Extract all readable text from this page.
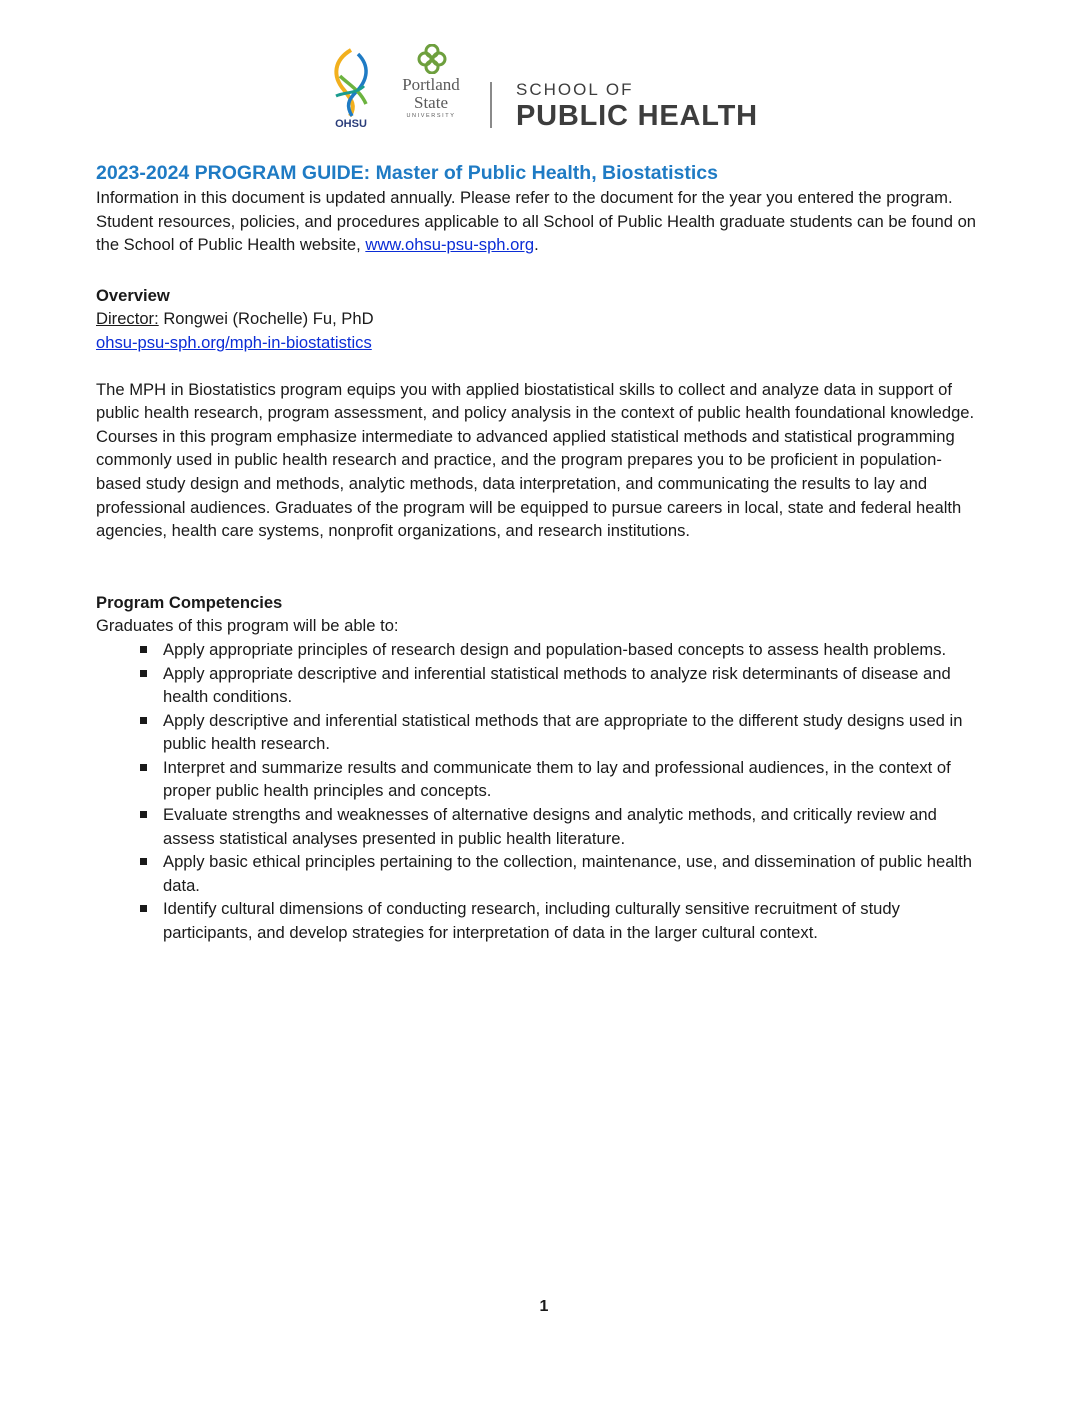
OHSU
Portland
State
UNIVERSITY
SCHOOL OF
PUBLIC HEALTH
2023-2024 PROGRAM GUIDE: Master of Public Health, Biostatistics

Information in this document is updated annually. Please refer to the document for the year you entered the program. Student resources, policies, and procedures applicable to all School of Public Health graduate students can be found on the School of Public Health website, www.ohsu-psu-sph.org.

Overview

Director: Rongwei (Rochelle) Fu, PhD

ohsu-psu-sph.org/mph-in-biostatistics

The MPH in Biostatistics program equips you with applied biostatistical skills to collect and analyze data in support of public health research, program assessment, and policy analysis in the context of public health foundational knowledge. Courses in this program emphasize intermediate to advanced applied statistical methods and statistical programming commonly used in public health research and practice, and the program prepares you to be proficient in population-based study design and methods, analytic methods, data interpretation, and communicating the results to lay and professional audiences. Graduates of the program will be equipped to pursue careers in local, state and federal health agencies, health care systems, nonprofit organizations, and research institutions.

Program Competencies

Graduates of this program will be able to:

Apply appropriate principles of research design and population-based concepts to assess health problems.
Apply appropriate descriptive and inferential statistical methods to analyze risk determinants of disease and health conditions.
Apply descriptive and inferential statistical methods that are appropriate to the different study designs used in public health research.
Interpret and summarize results and communicate them to lay and professional audiences, in the context of proper public health principles and concepts.
Evaluate strengths and weaknesses of alternative designs and analytic methods, and critically review and assess statistical analyses presented in public health literature.
Apply basic ethical principles pertaining to the collection, maintenance, use, and dissemination of public health data.
Identify cultural dimensions of conducting research, including culturally sensitive recruitment of study participants, and develop strategies for interpretation of data in the larger cultural context.
1
